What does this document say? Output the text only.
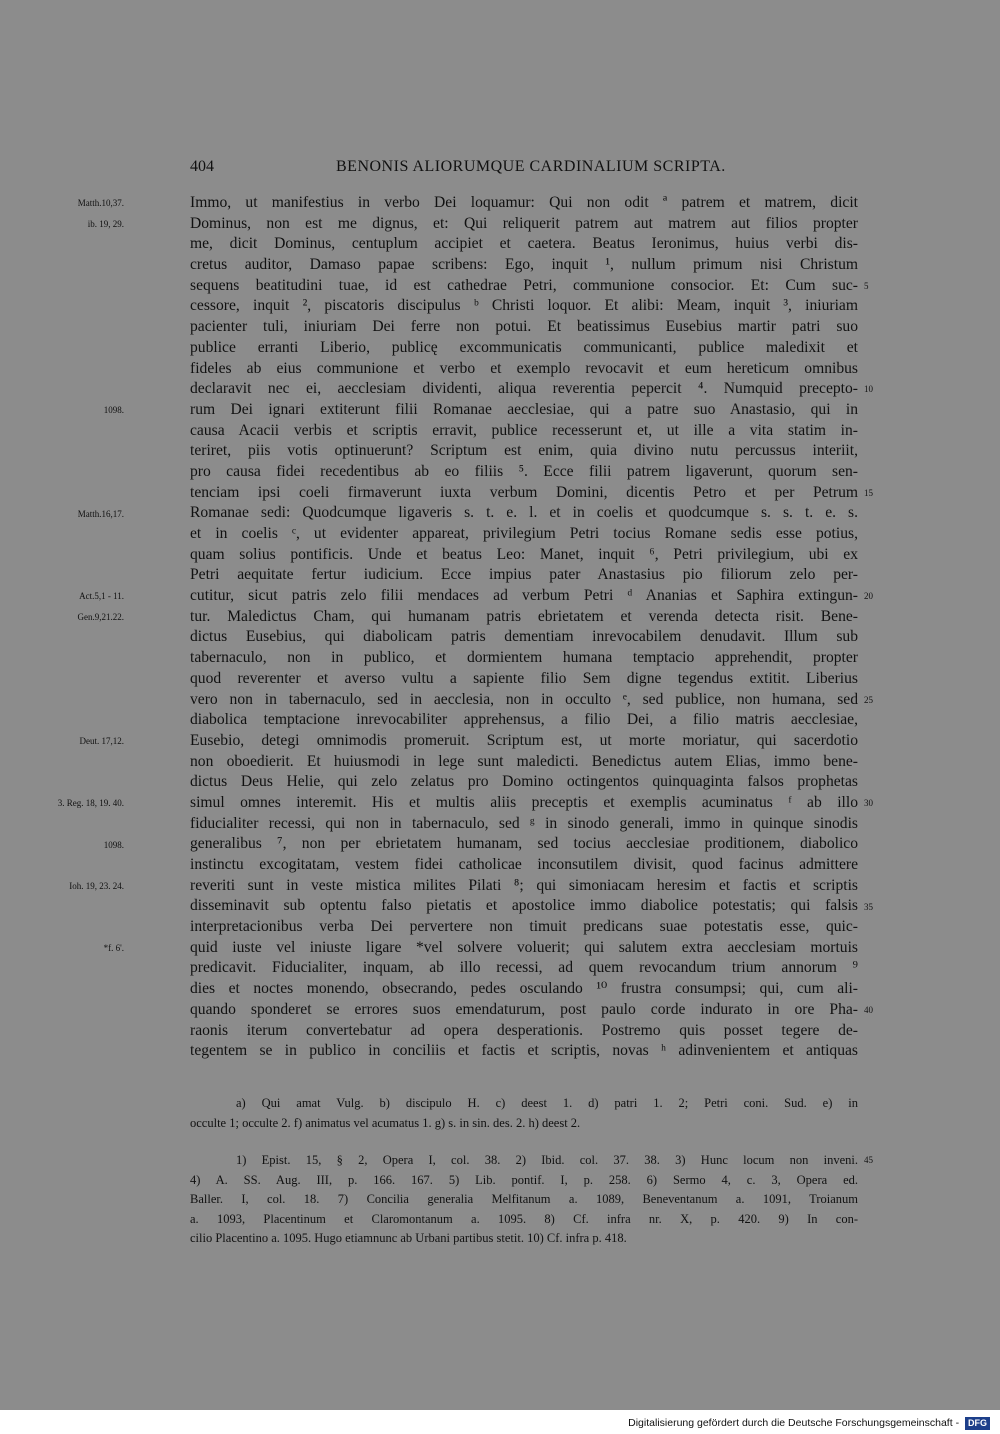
404	BENONIS ALIORUMQUE CARDINALIUM SCRIPTA.
Immo, ut manifestius in verbo Dei loquamur: Qui non odit ª patrem et matrem, dicit
Dominus, non est me dignus, et: Qui reliquerit patrem aut matrem aut filios propter
me, dicit Dominus, centuplum accipiet et caetera. Beatus Ieronimus, huius verbi dis-
cretus auditor, Damaso papae scribens: Ego, inquit ¹, nullum primum nisi Christum
sequens beatitudini tuae, id est cathedrae Petri, communione consocior. Et: Cum suc-
cessore, inquit ², piscatoris discipulus ᵇ Christi loquor. Et alibi: Meam, inquit ³, iniuriam
pacienter tuli, iniuriam Dei ferre non potui. Et beatissimus Eusebius martir patri suo
publice erranti Liberio, publicę excommunicatis communicanti, publice maledixit et
fideles ab eius communione et verbo et exemplo revocavit et eum hereticum omnibus
declaravit nec ei, aecclesiam dividenti, aliqua reverentia pepercit ⁴. Numquid precepto-
rum Dei ignari extiterunt filii Romanae aecclesiae, qui a patre suo Anastasio, qui in
causa Acacii verbis et scriptis erravit, publice recesserunt et, ut ille a vita statim in-
teriret, piis votis optinuerunt? Scriptum est enim, quia divino nutu percussus interiit,
pro causa fidei recedentibus ab eo filiis ⁵. Ecce filii patrem ligaverunt, quorum sen-
tenciam ipsi coeli firmaverunt iuxta verbum Domini, dicentis Petro et per Petrum
Romanae sedi: Quodcumque ligaveris s. t. e. l. et in coelis et quodcumque s. s. t. e. s.
et in coelis ᶜ, ut evidenter appareat, privilegium Petri tocius Romane sedis esse potius,
quam solius pontificis. Unde et beatus Leo: Manet, inquit ⁶, Petri privilegium, ubi ex
Petri aequitate fertur iudicium. Ecce impius pater Anastasius pio filiorum zelo per-
cutitur, sicut patris zelo filii mendaces ad verbum Petri ᵈ Ananias et Saphira extingun-
tur. Maledictus Cham, qui humanam patris ebrietatem et verenda detecta risit. Bene-
dictus Eusebius, qui diabolicam patris dementiam inrevocabilem denudavit. Illum sub
tabernaculo, non in publico, et dormientem humana temptacio apprehendit, propter
quod reverenter et averso vultu a sapiente filio Sem digne tegendus extitit. Liberius
vero non in tabernaculo, sed in aecclesia, non in occulto ᵉ, sed publice, non humana, sed
diabolica temptacione inrevocabiliter apprehensus, a filio Dei, a filio matris aecclesiae,
Eusebio, detegi omnimodis promeruit. Scriptum est, ut morte moriatur, qui sacerdotio
non oboedierit. Et huiusmodi in lege sunt maledicti. Benedictus autem Elias, immo bene-
dictus Deus Helie, qui zelo zelatus pro Domino octingentos quinquaginta falsos prophetas
simul omnes interemit. His et multis aliis preceptis et exemplis acuminatus ᶠ ab illo
fiducialiter recessi, qui non in tabernaculo, sed ᵍ in sinodo generali, immo in quinque sinodis
generalibus ⁷, non per ebrietatem humanam, sed tocius aecclesiae proditionem, diabolico
instinctu excogitatam, vestem fidei catholicae inconsutilem divisit, quod facinus admittere
reveriti sunt in veste mistica milites Pilati ⁸; qui simoniacam heresim et factis et scriptis
disseminavit sub optentu falso pietatis et apostolice immo diabolice potestatis; qui falsis
interpretacionibus verba Dei pervertere non timuit predicans suae potestatis esse, quic-
quid iuste vel iniuste ligare *vel solvere voluerit; qui salutem extra aecclesiam mortuis
predicavit. Fiducialiter, inquam, ab illo recessi, ad quem revocandum trium annorum ⁹
dies et noctes monendo, obsecrando, pedes osculando ¹⁰ frustra consumpsi; qui, cum ali-
quando sponderet se errores suos emendaturum, post paulo corde indurato in ore Pha-
raonis iterum convertebatur ad opera desperationis. Postremo quis posset tegere de-
tegentem se in publico in conciliis et factis et scriptis, novas ʰ adinvenientem et antiquas
a) Qui amat Vulg. b) discipulo H. c) deest 1. d) patri 1. 2; Petri coni. Sud. e) in
occulte 1; occulte 2. f) animatus vel acumatus 1. g) s. in sin. des. 2. h) deest 2.
1) Epist. 15, § 2, Opera I, col. 38. 2) Ibid. col. 37. 38. 3) Hunc locum non inveni.
4) A. SS. Aug. III, p. 166. 167. 5) Lib. pontif. I, p. 258. 6) Sermo 4, c. 3, Opera ed.
Baller. I, col. 18. 7) Concilia generalia Melfitanum a. 1089, Beneventanum a. 1091, Troianum
a. 1093, Placentinum et Claromontanum a. 1095. 8) Cf. infra nr. X, p. 420. 9) In con-
cilio Placentino a. 1095. Hugo etiamnunc ab Urbani partibus stetit. 10) Cf. infra p. 418.
Matth.10,37.
ib. 19, 29.
5
10
1098.
15
Matth.16,17.
Act.5,1 - 11.	20
Gen.9,21.22.
25
Deut. 17,12.
3. Reg. 18, 19. 40.	30
1098.
Ioh. 19, 23. 24.
35
*f. 6'.
40
45
Digitalisierung gefördert durch die Deutsche Forschungsgemeinschaft - DFG
